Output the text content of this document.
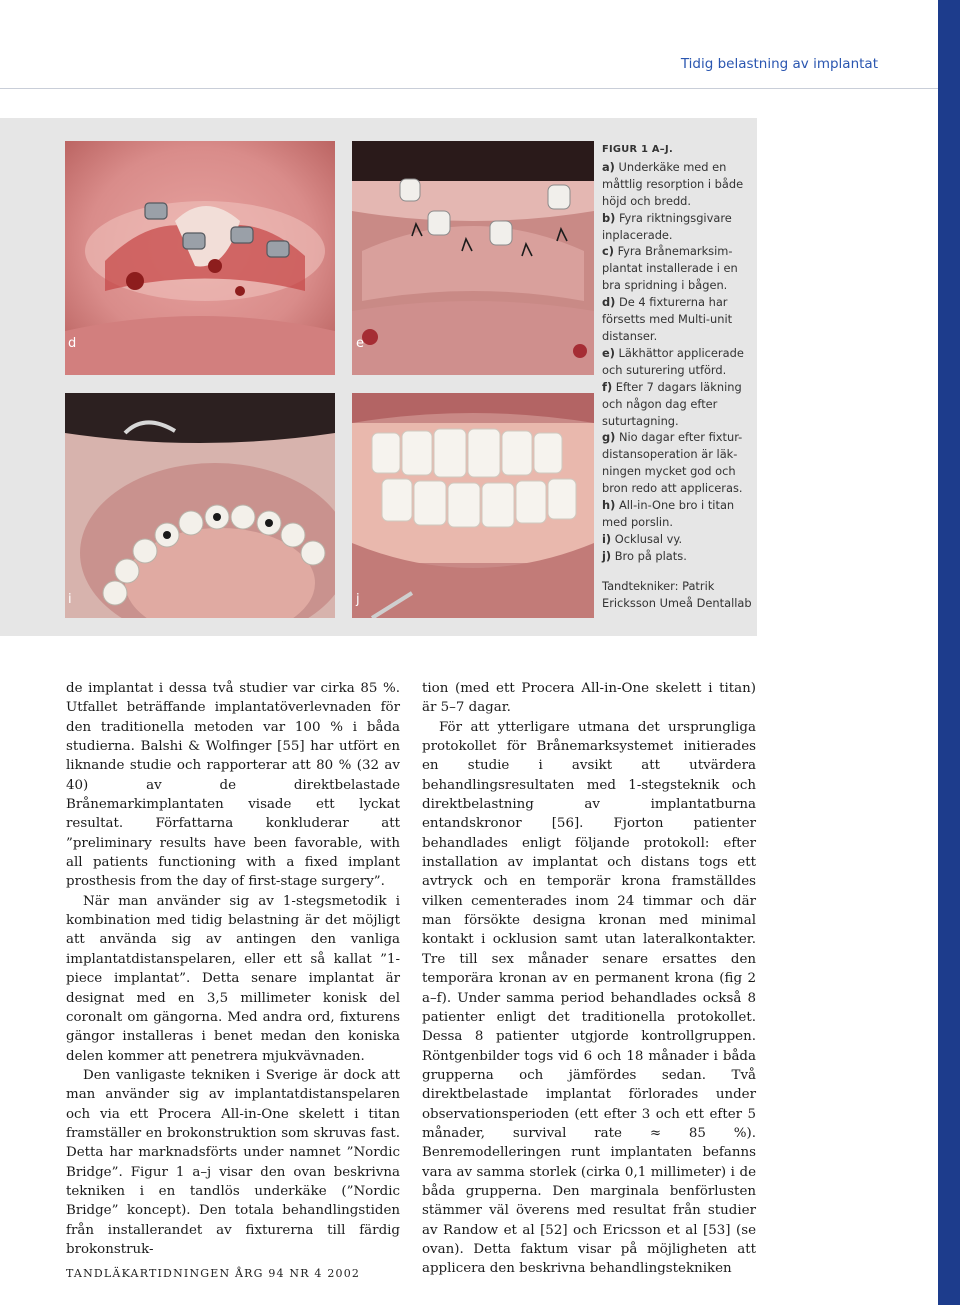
Tidig belastning av implantat
d	e
i	j
FIGUR 1 A–J.
a) Underkäke med en
måttlig resorption i både
höjd och bredd.
b) Fyra riktningsgivare
inplacerade.
c) Fyra Brånemarksim-
plantat installerade i en
bra spridning i bågen.
d) De 4 fixturerna har
försetts med Multi-unit
distanser.
e) Läkhättor applicerade
och suturering utförd.
f) Efter 7 dagars läkning
och någon dag efter
suturtagning.
g) Nio dagar efter fixtur-
distansoperation är läk-
ningen mycket god och
bron redo att appliceras.
h) All-in-One bro i titan
med porslin.
i) Ocklusal vy.
j) Bro på plats.
Tandtekniker: Patrik
Ericksson Umeå Dentallab

de implantat i dessa två studier var cirka 85 %. Utfallet beträffande implantatöverlevnaden för den traditionella metoden var 100 % i båda studierna. Balshi & Wolfinger [55] har utfört en liknande studie och rapporterar att 80 % (32 av 40) av de direktbelastade Brånemarkimplantaten visade ett lyckat resultat. Författarna konkluderar att ”preliminary results have been favorable, with all patients functioning with a fixed implant prosthesis from the day of first-stage surgery”.

När man använder sig av 1-stegsmetodik i kombination med tidig belastning är det möjligt att använda sig av antingen den vanliga implantatdistanspelaren, eller ett så kallat ”1-piece implantat”. Detta senare implantat är designat med en 3,5 millimeter konisk del coronalt om gängorna. Med andra ord, fixturens gängor installeras i benet medan den koniska delen kommer att penetrera mjukvävnaden.

Den vanligaste tekniken i Sverige är dock att man använder sig av implantatdistanspelaren och via ett Procera All-in-One skelett i titan framställer en brokonstruktion som skruvas fast. Detta har marknadsförts under namnet ”Nordic Bridge”. Figur 1 a–j visar den ovan beskrivna tekniken i en tandlös underkäke (”Nordic Bridge” koncept). Den totala behandlingstiden från installerandet av fixturerna till färdig brokonstruk-

tion (med ett Procera All-in-One skelett i titan) är 5–7 dagar.

För att ytterligare utmana det ursprungliga protokollet för Brånemarksystemet initierades en studie i avsikt att utvärdera behandlingsresultaten med 1-stegsteknik och direktbelastning av implantatburna entandskronor [56]. Fjorton patienter behandlades enligt följande protokoll: efter installation av implantat och distans togs ett avtryck och en temporär krona framställdes vilken cementerades inom 24 timmar och där man försökte designa kronan med minimal kontakt i ocklusion samt utan lateralkontakter. Tre till sex månader senare ersattes den temporära kronan av en permanent krona (fig 2 a–f). Under samma period behandlades också 8 patienter enligt det traditionella protokollet. Dessa 8 patienter utgjorde kontrollgruppen. Röntgenbilder togs vid 6 och 18 månader i båda grupperna och jämfördes sedan. Två direktbelastade implantat förlorades under observationsperioden (ett efter 3 och ett efter 5 månader, survival rate ≈ 85 %). Benremodelleringen runt implantaten befanns vara av samma storlek (cirka 0,1 millimeter) i de båda grupperna. Den marginala benförlusten stämmer väl överens med resultat från studier av Randow et al [52] och Ericsson et al [53] (se ovan). Detta faktum visar på möjligheten att applicera den beskrivna behandlingstekniken

TANDLÄKARTIDNINGEN ÅRG 94 NR 4 2002
